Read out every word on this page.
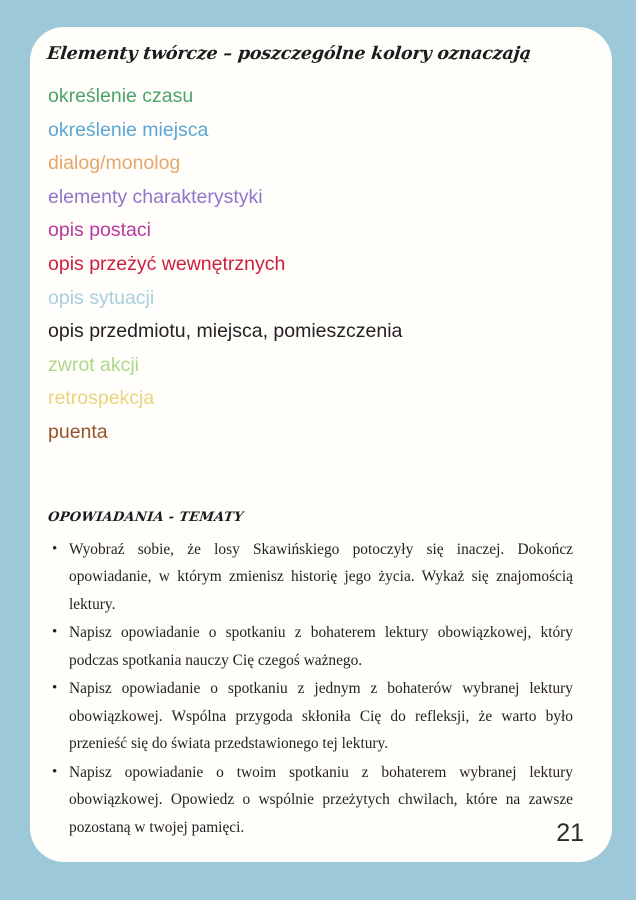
Elementy twórcze – poszczególne kolory oznaczają
określenie czasu
określenie miejsca
dialog/monolog
elementy charakterystyki
opis postaci
opis przeżyć wewnętrznych
opis sytuacji
opis przedmiotu, miejsca, pomieszczenia
zwrot akcji
retrospekcja
puenta
OPOWIADANIA - TEMATY
• Wyobraź sobie, że losy Skawińskiego potoczyły się inaczej. Dokończ opowiadanie, w którym zmienisz historię jego życia. Wykaż się znajomością lektury.
• Napisz opowiadanie o spotkaniu z bohaterem lektury obowiązkowej, który podczas spotkania nauczy Cię czegoś ważnego.
• Napisz opowiadanie o spotkaniu z jednym z bohaterów wybranej lektury obowiązkowej. Wspólna przygoda skłoniła Cię do refleksji, że warto było przenieść się do świata przedstawionego tej lektury.
• Napisz opowiadanie o twoim spotkaniu z bohaterem wybranej lektury obowiązkowej. Opowiedz o wspólnie przeżytych chwilach, które na zawsze pozostaną w twojej pamięci.	21
